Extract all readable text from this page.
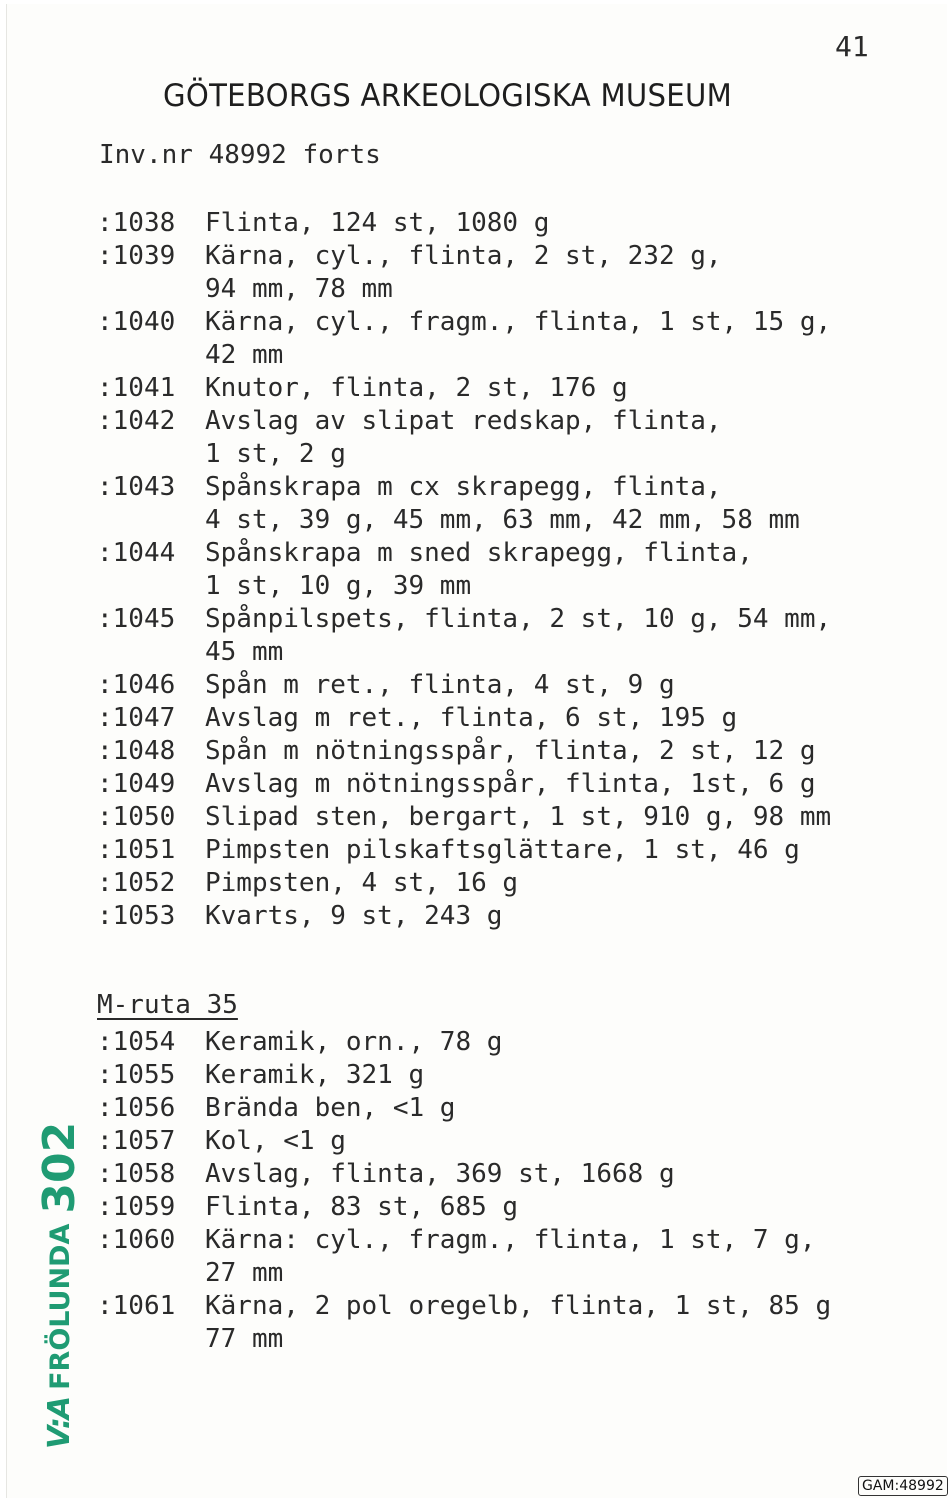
41
GÖTEBORGS ARKEOLOGISKA MUSEUM
Inv.nr 48992 forts
:1038 Flinta, 124 st, 1080 g
:1039 Kärna, cyl., flinta, 2 st, 232 g,
94 mm, 78 mm
:1040 Kärna, cyl., fragm., flinta, 1 st, 15 g,
42 mm
:1041 Knutor, flinta, 2 st, 176 g
:1042 Avslag av slipat redskap, flinta,
1 st, 2 g
:1043 Spånskrapa m cx skrapegg, flinta,
4 st, 39 g, 45 mm, 63 mm, 42 mm, 58 mm
:1044 Spånskrapa m sned skrapegg, flinta,
1 st, 10 g, 39 mm
:1045 Spånpilspets, flinta, 2 st, 10 g, 54 mm,
45 mm
:1046 Spån m ret., flinta, 4 st, 9 g
:1047 Avslag m ret., flinta, 6 st, 195 g
:1048 Spån m nötningsspår, flinta, 2 st, 12 g
:1049 Avslag m nötningsspår, flinta, 1st, 6 g
:1050 Slipad sten, bergart, 1 st, 910 g, 98 mm
:1051 Pimpsten pilskaftsglättare, 1 st, 46 g
:1052 Pimpsten, 4 st, 16 g
:1053 Kvarts, 9 st, 243 g
M-ruta 35
:1054 Keramik, orn., 78 g
:1055 Keramik, 321 g
:1056 Brända ben, <1 g
:1057 Kol, <1 g
:1058 Avslag, flinta, 369 st, 1668 g
:1059 Flinta, 83 st, 685 g
:1060 Kärna: cyl., fragm., flinta, 1 st, 7 g,
27 mm
:1061 Kärna, 2 pol oregelb, flinta, 1 st, 85 g
77 mm
V:AFRÖLUNDA302
GAM:48992
